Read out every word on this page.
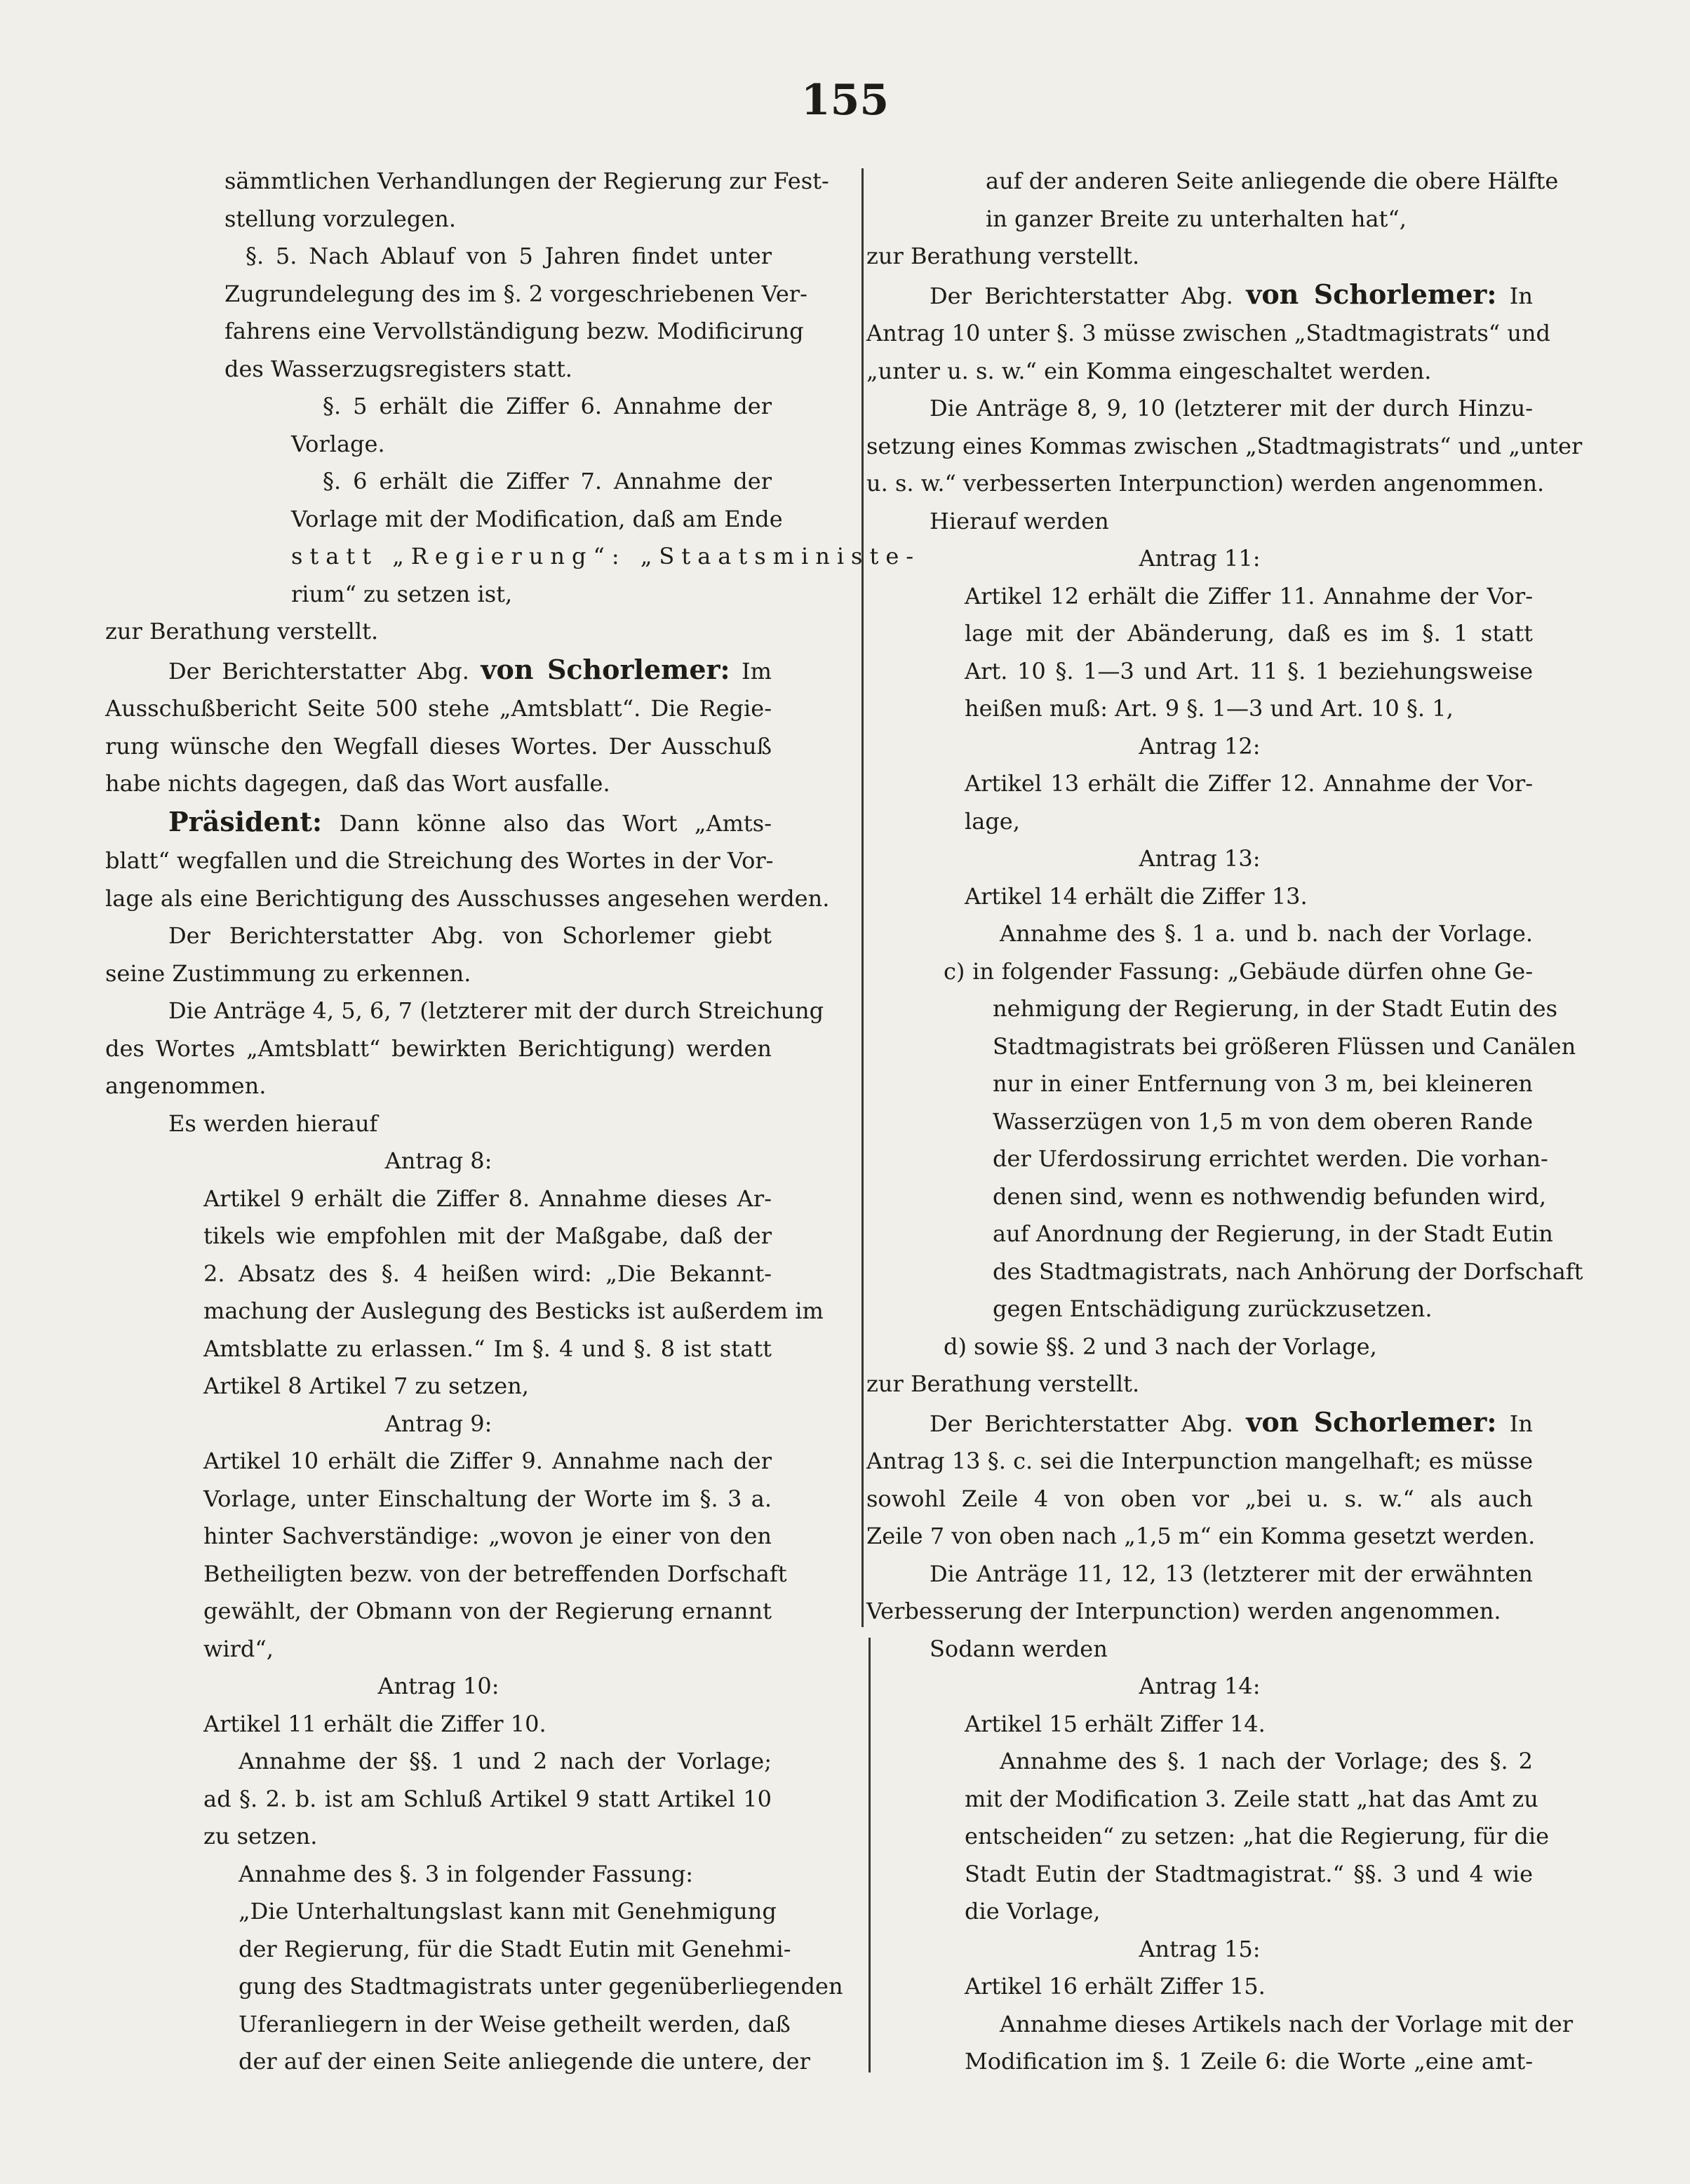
155
sämmtlichen Verhandlungen der Regierung zur Fest-
stellung vorzulegen.
§. 5. Nach Ablauf von 5 Jahren findet unter
Zugrundelegung des im §. 2 vorgeschriebenen Ver-
fahrens eine Vervollständigung bezw. Modificirung
des Wasserzugsregisters statt.
§. 5 erhält die Ziffer 6. Annahme der
Vorlage.
§. 6 erhält die Ziffer 7. Annahme der
Vorlage mit der Modification, daß am Ende
statt „Regierung“: „Staatsministe-
rium“ zu setzen ist,
zur Berathung verstellt.
Der Berichterstatter Abg. von Schorlemer: Im
Ausschußbericht Seite 500 stehe „Amtsblatt“. Die Regie-
rung wünsche den Wegfall dieses Wortes. Der Ausschuß
habe nichts dagegen, daß das Wort ausfalle.
Präsident: Dann könne also das Wort „Amts-
blatt“ wegfallen und die Streichung des Wortes in der Vor-
lage als eine Berichtigung des Ausschusses angesehen werden.
Der Berichterstatter Abg. von Schorlemer giebt
seine Zustimmung zu erkennen.
Die Anträge 4, 5, 6, 7 (letzterer mit der durch Streichung
des Wortes „Amtsblatt“ bewirkten Berichtigung) werden
angenommen.
Es werden hierauf
Antrag 8:
Artikel 9 erhält die Ziffer 8. Annahme dieses Ar-
tikels wie empfohlen mit der Maßgabe, daß der
2. Absatz des §. 4 heißen wird: „Die Bekannt-
machung der Auslegung des Besticks ist außerdem im
Amtsblatte zu erlassen.“ Im §. 4 und §. 8 ist statt
Artikel 8 Artikel 7 zu setzen,
Antrag 9:
Artikel 10 erhält die Ziffer 9. Annahme nach der
Vorlage, unter Einschaltung der Worte im §. 3 a.
hinter Sachverständige: „wovon je einer von den
Betheiligten bezw. von der betreffenden Dorfschaft
gewählt, der Obmann von der Regierung ernannt
wird“,
Antrag 10:
Artikel 11 erhält die Ziffer 10.
Annahme der §§. 1 und 2 nach der Vorlage;
ad §. 2. b. ist am Schluß Artikel 9 statt Artikel 10
zu setzen.
Annahme des §. 3 in folgender Fassung:
„Die Unterhaltungslast kann mit Genehmigung
der Regierung, für die Stadt Eutin mit Genehmi-
gung des Stadtmagistrats unter gegenüberliegenden
Uferanliegern in der Weise getheilt werden, daß
der auf der einen Seite anliegende die untere, der
auf der anderen Seite anliegende die obere Hälfte
in ganzer Breite zu unterhalten hat“,
zur Berathung verstellt.
Der Berichterstatter Abg. von Schorlemer: In
Antrag 10 unter §. 3 müsse zwischen „Stadtmagistrats“ und
„unter u. s. w.“ ein Komma eingeschaltet werden.
Die Anträge 8, 9, 10 (letzterer mit der durch Hinzu-
setzung eines Kommas zwischen „Stadtmagistrats“ und „unter
u. s. w.“ verbesserten Interpunction) werden angenommen.
Hierauf werden
Antrag 11:
Artikel 12 erhält die Ziffer 11. Annahme der Vor-
lage mit der Abänderung, daß es im §. 1 statt
Art. 10 §. 1—3 und Art. 11 §. 1 beziehungsweise
heißen muß: Art. 9 §. 1—3 und Art. 10 §. 1,
Antrag 12:
Artikel 13 erhält die Ziffer 12. Annahme der Vor-
lage,
Antrag 13:
Artikel 14 erhält die Ziffer 13.
Annahme des §. 1 a. und b. nach der Vorlage.
c) in folgender Fassung: „Gebäude dürfen ohne Ge-
nehmigung der Regierung, in der Stadt Eutin des
Stadtmagistrats bei größeren Flüssen und Canälen
nur in einer Entfernung von 3 m, bei kleineren
Wasserzügen von 1,5 m von dem oberen Rande
der Uferdossirung errichtet werden. Die vorhan-
denen sind, wenn es nothwendig befunden wird,
auf Anordnung der Regierung, in der Stadt Eutin
des Stadtmagistrats, nach Anhörung der Dorfschaft
gegen Entschädigung zurückzusetzen.
d) sowie §§. 2 und 3 nach der Vorlage,
zur Berathung verstellt.
Der Berichterstatter Abg. von Schorlemer: In
Antrag 13 §. c. sei die Interpunction mangelhaft; es müsse
sowohl Zeile 4 von oben vor „bei u. s. w.“ als auch
Zeile 7 von oben nach „1,5 m“ ein Komma gesetzt werden.
Die Anträge 11, 12, 13 (letzterer mit der erwähnten
Verbesserung der Interpunction) werden angenommen.
Sodann werden
Antrag 14:
Artikel 15 erhält Ziffer 14.
Annahme des §. 1 nach der Vorlage; des §. 2
mit der Modification 3. Zeile statt „hat das Amt zu
entscheiden“ zu setzen: „hat die Regierung, für die
Stadt Eutin der Stadtmagistrat.“ §§. 3 und 4 wie
die Vorlage,
Antrag 15:
Artikel 16 erhält Ziffer 15.
Annahme dieses Artikels nach der Vorlage mit der
Modification im §. 1 Zeile 6: die Worte „eine amt-
